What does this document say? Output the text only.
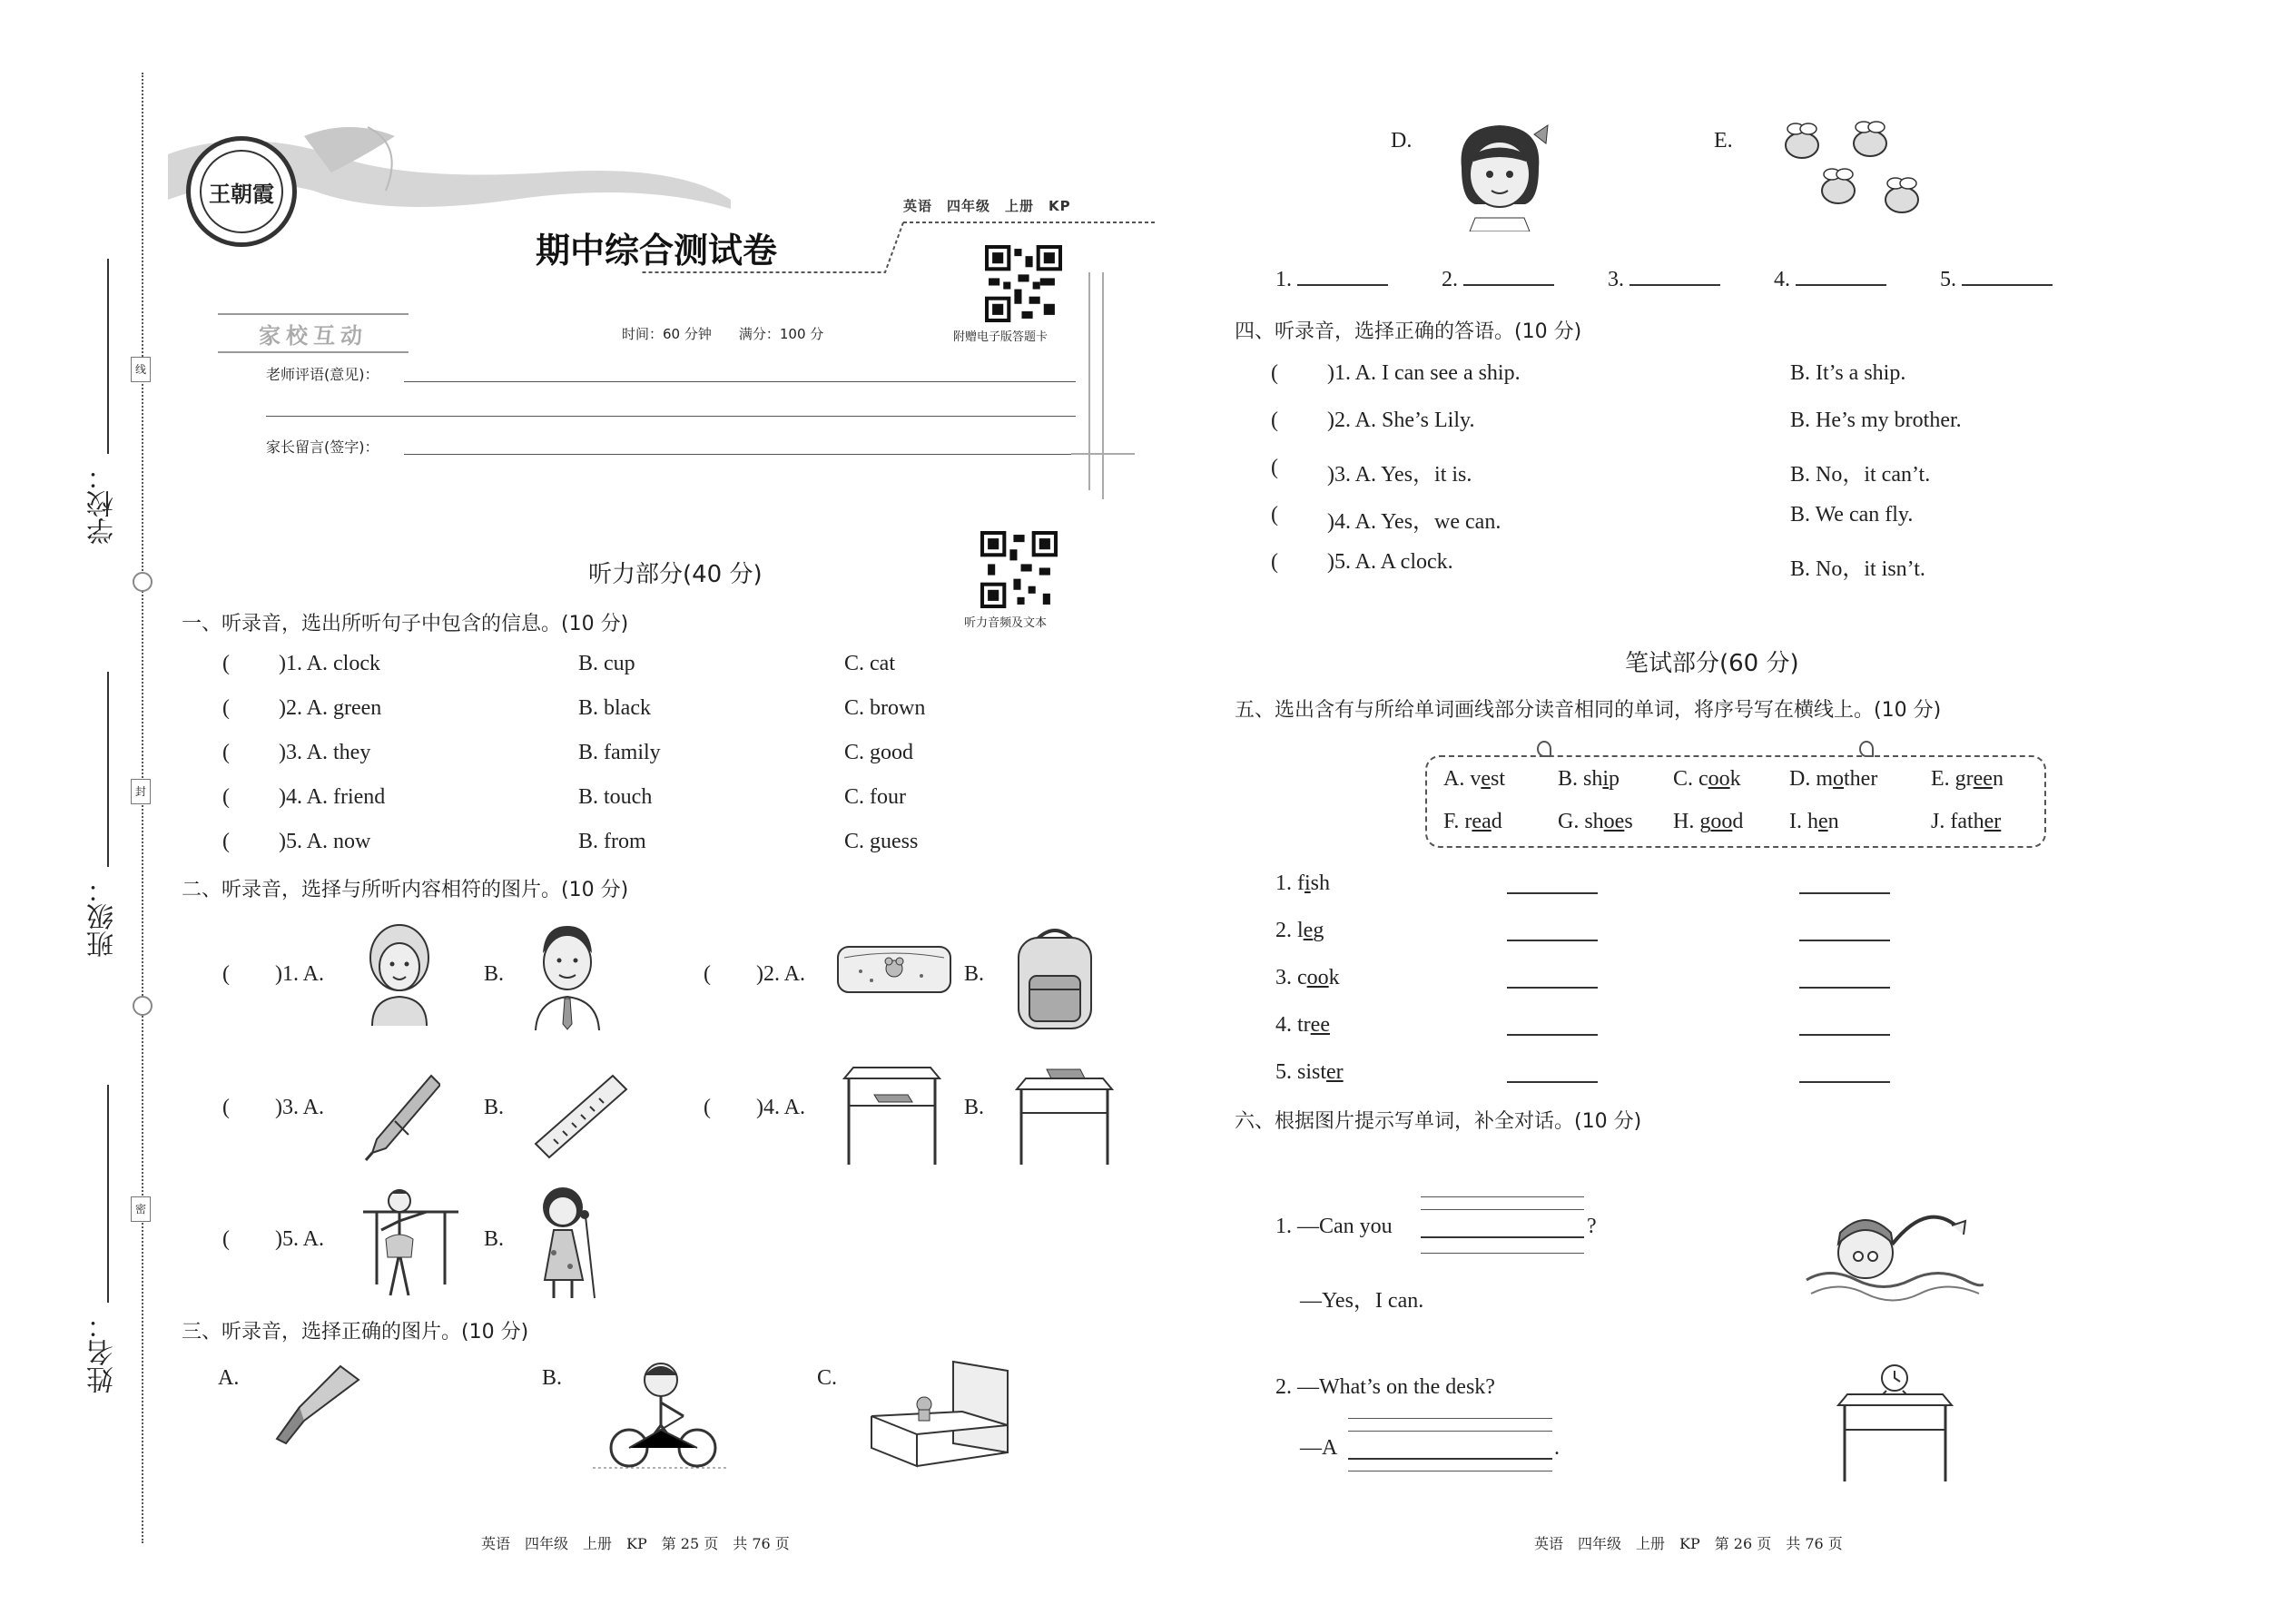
学校：
线
班级：
封
姓名：
密
王朝霞	英语　四年级　上册　KP
期中综合测试卷
附赠电子版答题卡
家校互动	时间：60 分钟　　满分：100 分
老师评语(意见)：
家长留言(签字)：
听力部分(40 分)
听力音频及文本
一、听录音，选出所听句子中包含的信息。(10 分)
( )1. A. clock	B. cup	C. cat
( )2. A. green	B. black	C. brown
( )3. A. they	B. family	C. good
( )4. A. friend	B. touch	C. four
( )5. A. now	B. from	C. guess
二、听录音，选择与所听内容相符的图片。(10 分)
( )1. A.	B.	( )2. A.	B.
( )3. A.	B.	( )4. A.	B.
( )5. A.	B.
三、听录音，选择正确的图片。(10 分)
A.	B.	C.
D.	E.
1.	2.	3.	4.	5.
四、听录音，选择正确的答语。(10 分)
( )1. A. I can see a ship.	B. It’s a ship.
( )2. A. She’s Lily.	B. He’s my brother.
( )3. A. Yes，it is.	B. No，it can’t.
( )4. A. Yes，we can.	B. We can fly.
( )5. A. A clock.	B. No，it isn’t.
笔试部分(60 分)
五、选出含有与所给单词画线部分读音相同的单词，将序号写在横线上。(10 分)
A. vest B. ship C. cook D. mother E. green
F. read	G. shoes H. good I. hen	J. father
1. fish
2. leg
3. cook
4. tree
5. sister
六、根据图片提示写单词，补全对话。(10 分)
1. —Can you	?
—Yes，I can.
2. —What’s on the desk?
—A	.
英语　四年级　上册　KP　第 25 页　共 76 页	英语　四年级　上册　KP　第 26 页　共 76 页
